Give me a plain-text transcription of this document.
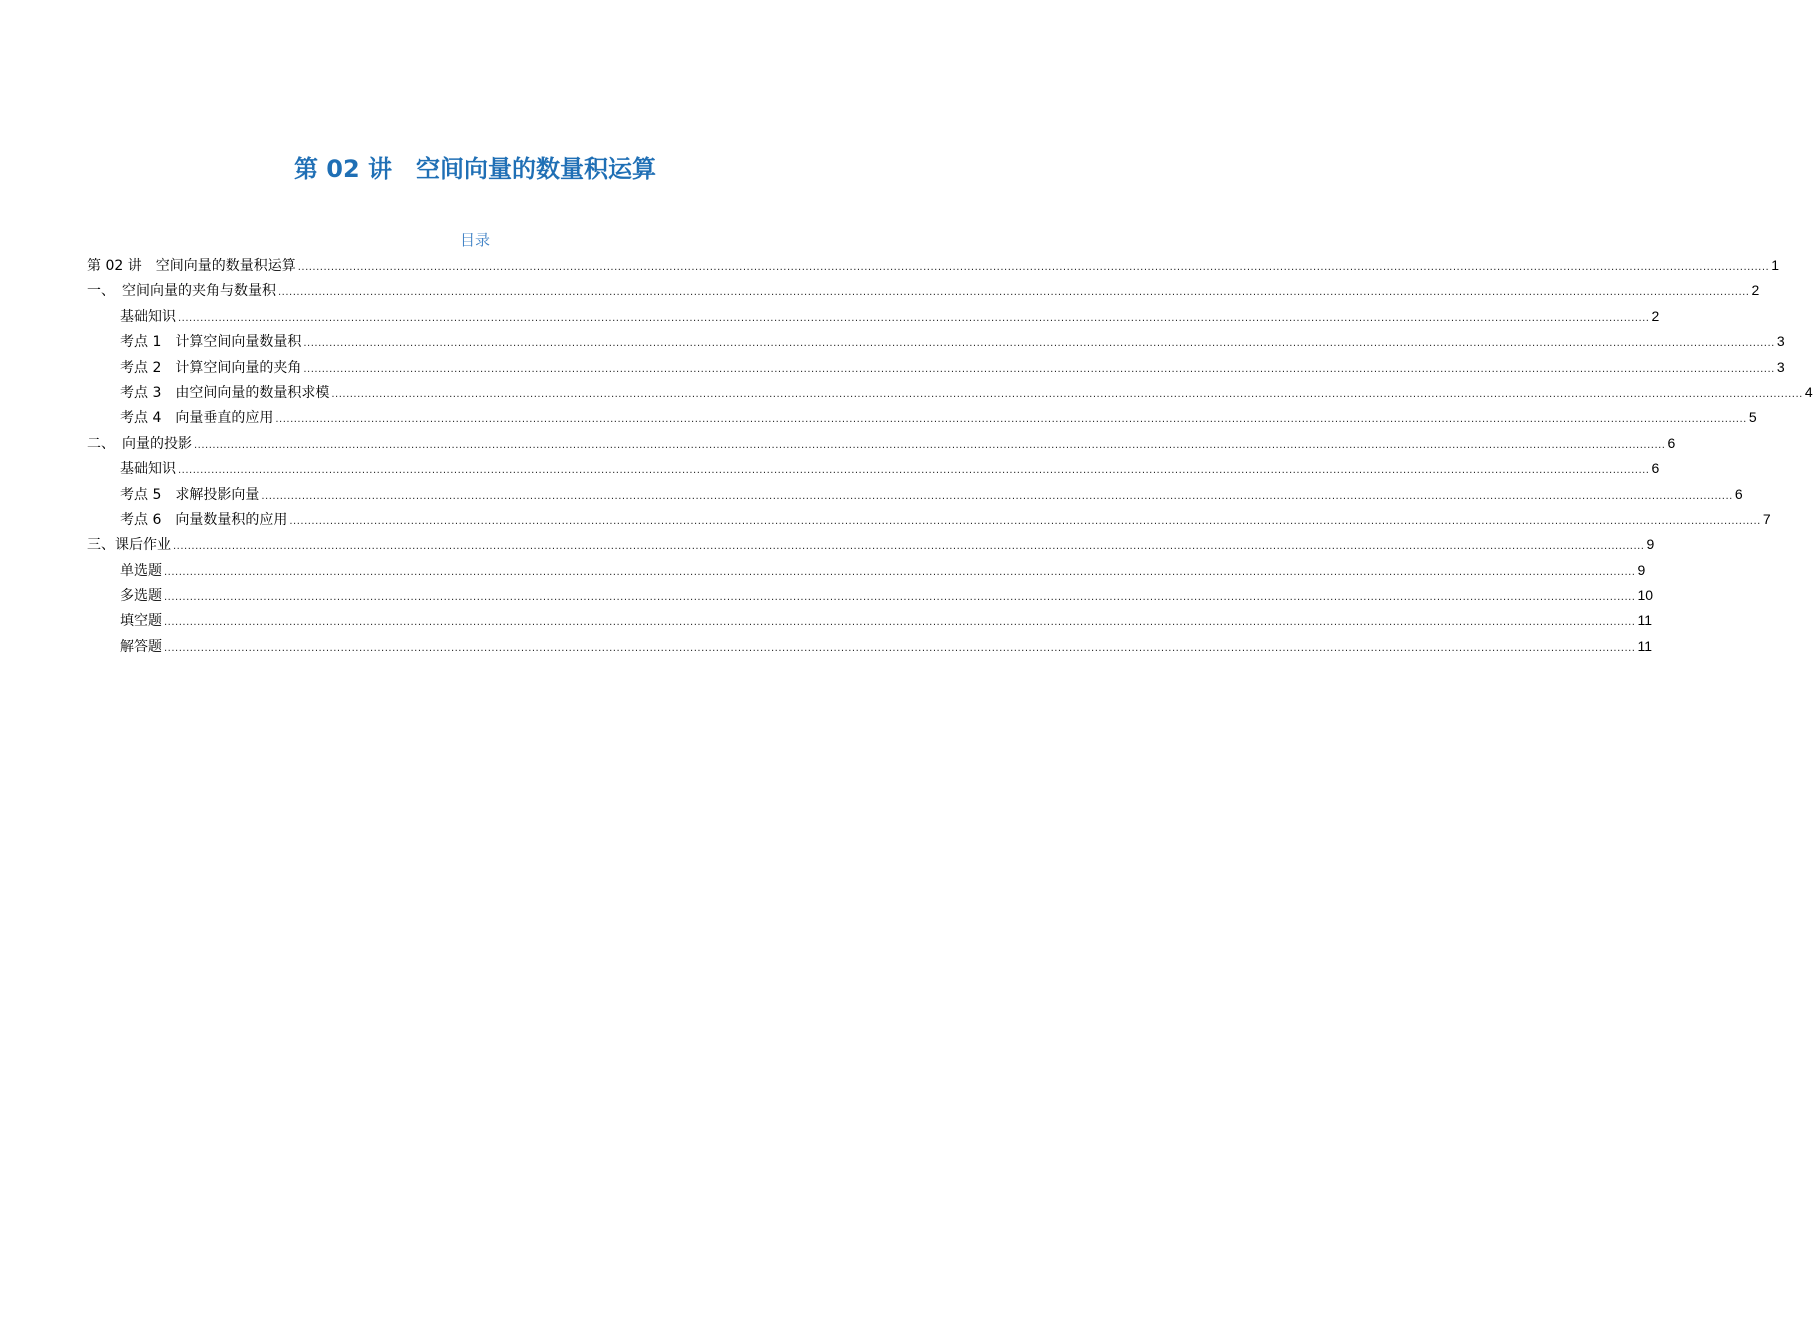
第 02 讲　空间向量的数量积运算
目录
第 02 讲　空间向量的数量积运算 ................................................................................................................................................................................................................................................................................................................................................................................................................ 1
一、　空间向量的夹角与数量积 ................................................................................................................................................................................................................................................................................................................................................................................................................ 2
基础知识 ................................................................................................................................................................................................................................................................................................................................................................................................................ 2
考点 1　计算空间向量数量积 ................................................................................................................................................................................................................................................................................................................................................................................................................ 3
考点 2　计算空间向量的夹角 ................................................................................................................................................................................................................................................................................................................................................................................................................ 3
考点 3　由空间向量的数量积求模 ................................................................................................................................................................................................................................................................................................................................................................................................................ 4
考点 4　向量垂直的应用 ................................................................................................................................................................................................................................................................................................................................................................................................................ 5
二、　向量的投影 ................................................................................................................................................................................................................................................................................................................................................................................................................ 6
基础知识 ................................................................................................................................................................................................................................................................................................................................................................................................................ 6
考点 5　求解投影向量 ................................................................................................................................................................................................................................................................................................................................................................................................................ 6
考点 6　向量数量积的应用 ................................................................................................................................................................................................................................................................................................................................................................................................................ 7
三、课后作业 ................................................................................................................................................................................................................................................................................................................................................................................................................ 9
单选题 ................................................................................................................................................................................................................................................................................................................................................................................................................ 9
多选题 ................................................................................................................................................................................................................................................................................................................................................................................................................ 10
填空题 ................................................................................................................................................................................................................................................................................................................................................................................................................ 11
解答题 ................................................................................................................................................................................................................................................................................................................................................................................................................ 11
